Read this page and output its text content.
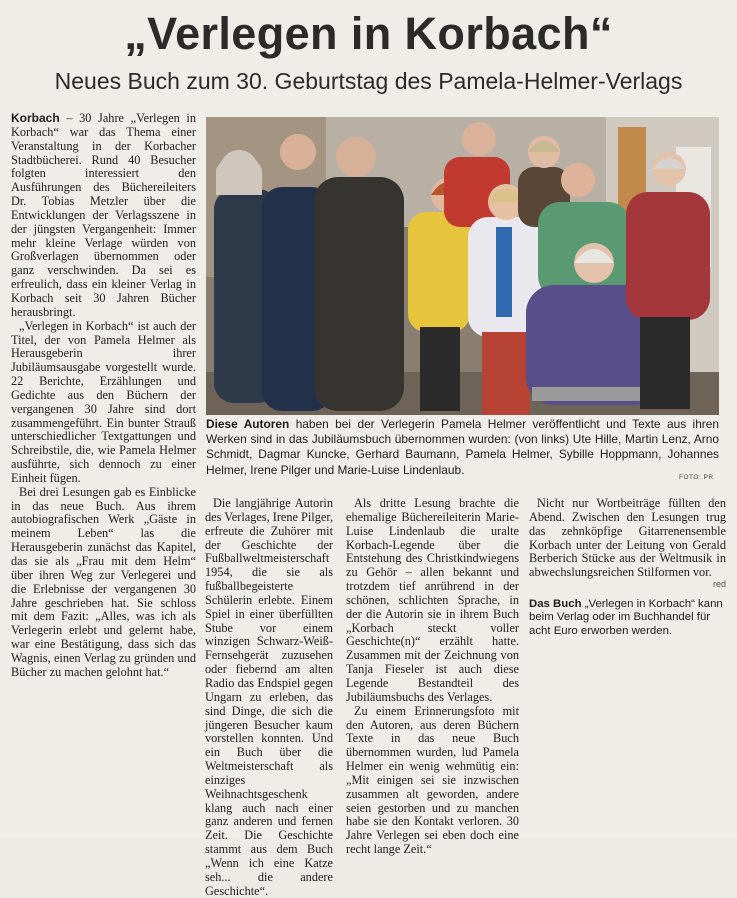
„Verlegen in Korbach“
Neues Buch zum 30. Geburtstag des Pamela-Helmer-Verlags

Korbach – 30 Jahre „Verlegen in Korbach“ war das Thema einer Veranstaltung in der Korbacher Stadtbücherei. Rund 40 Besucher folgten interessiert den Ausführungen des Büchereileiters Dr. Tobias Metzler über die Entwicklungen der Verlagsszene in der jüngsten Vergangenheit: Immer mehr kleine Verlage würden von Großverlagen übernommen oder ganz verschwinden. Da sei es erfreulich, dass ein kleiner Verlag in Korbach seit 30 Jahren Bücher herausbringt.

„Verlegen in Korbach“ ist auch der Titel, der von Pamela Helmer als Herausgeberin ihrer Jubiläumsausgabe vorgestellt wurde. 22 Berichte, Erzählungen und Gedichte aus den Büchern der vergangenen 30 Jahre sind dort zusammengeführt. Ein bunter Strauß unterschiedlicher Textgattungen und Schreibstile, die, wie Pamela Helmer ausführte, sich dennoch zu einer Einheit fügen.

Bei drei Lesungen gab es Einblicke in das neue Buch. Aus ihrem autobiografischen Werk „Gäste in meinem Leben“ las die Herausgeberin zunächst das Kapitel, das sie als „Frau mit dem Helm“ über ihren Weg zur Verlegerei und die Erlebnisse der vergangenen 30 Jahre geschrieben hat. Sie schloss mit dem Fazit: „Alles, was ich als Verlegerin erlebt und gelernt habe, war eine Bestätigung, dass sich das Wagnis, einen Verlag zu gründen und Bücher zu machen gelohnt hat.“

Diese Autoren haben bei der Verlegerin Pamela Helmer veröffentlicht und Texte aus ihren Werken sind in das Jubiläumsbuch übernommen wurden: (von links) Ute Hille, Martin Lenz, Arno Schmidt, Dagmar Kuncke, Gerhard Baumann, Pamela Helmer, Sybille Hoppmann, Johannes Helmer, Irene Pilger und Marie-Luise Lindenlaub.
FOTO: PR

Die langjährige Autorin des Verlages, Irene Pilger, erfreute die Zuhörer mit der Geschichte der Fußballweltmeisterschaft 1954, die sie als fußballbegeisterte Schülerin erlebte. Einem Spiel in einer überfüllten Stube vor einem winzigen Schwarz-Weiß-Fernsehgerät zuzusehen oder fiebernd am alten Radio das Endspiel gegen Ungarn zu erleben, das sind Dinge, die sich die jüngeren Besucher kaum vorstellen konnten. Und ein Buch über die Weltmeisterschaft als einziges Weihnachtsgeschenk klang auch nach einer ganz anderen und fernen Zeit. Die Geschichte stammt aus dem Buch „Wenn ich eine Katze seh... die andere Geschichte“.

Als dritte Lesung brachte die ehemalige Büchereileiterin Marie-Luise Lindenlaub die uralte Korbach-Legende über die Entstehung des Christkindwiegens zu Gehör – allen bekannt und trotzdem tief anrührend in der schönen, schlichten Sprache, in der die Autorin sie in ihrem Buch „Korbach steckt voller Geschichte(n)“ erzählt hatte. Zusammen mit der Zeichnung von Tanja Fieseler ist auch diese Legende Bestandteil des Jubiläumsbuchs des Verlages.

Zu einem Erinnerungsfoto mit den Autoren, aus deren Büchern Texte in das neue Buch übernommen wurden, lud Pamela Helmer ein wenig wehmütig ein: „Mit einigen sei sie inzwischen zusammen alt geworden, andere seien gestorben und zu manchen habe sie den Kontakt verloren. 30 Jahre Verlegen sei eben doch eine recht lange Zeit.“

Nicht nur Wortbeiträge füllten den Abend. Zwischen den Lesungen trug das zehnköpfige Gitarrenensemble Korbach unter der Leitung von Gerald Berberich Stücke aus der Weltmusik in abwechslungsreichen Stilformen vor.

red
Das Buch „Verlegen in Korbach“ kann beim Verlag oder im Buchhandel für acht Euro erworben werden.
